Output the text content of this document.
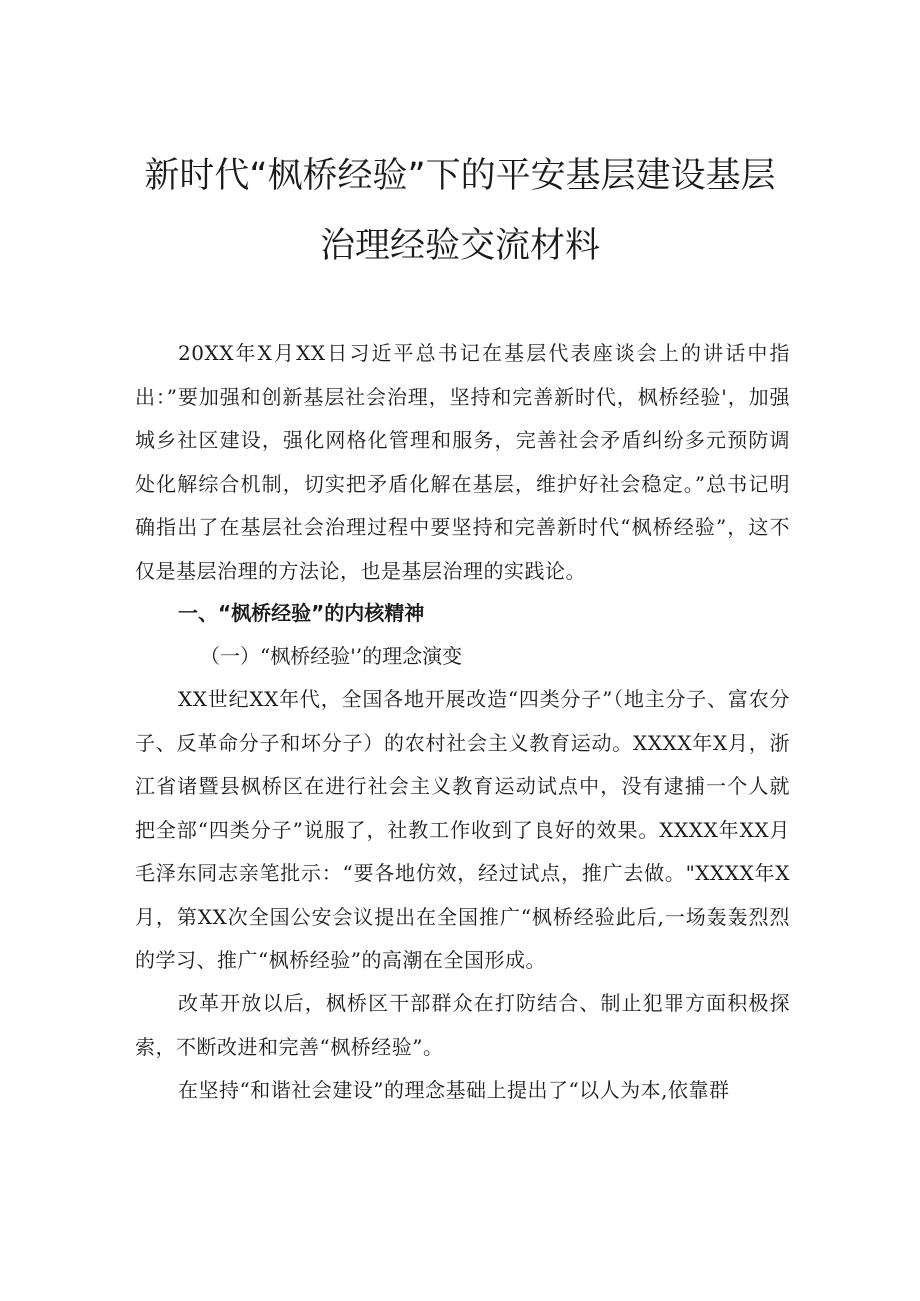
新时代“枫桥经验”下的平安基层建设基层
治理经验交流材料
20XX年X月XX日习近平总书记在基层代表座谈会上的讲话中指出：”要加强和创新基层社会治理，坚持和完善新时代，枫桥经验'，加强城乡社区建设，强化网格化管理和服务，完善社会矛盾纠纷多元预防调处化解综合机制，切实把矛盾化解在基层，维护好社会稳定。”总书记明确指出了在基层社会治理过程中要坚持和完善新时代“枫桥经验”，这不仅是基层治理的方法论，也是基层治理的实践论。
一、“枫桥经验”的内核精神
（一）“枫桥经验'’的理念演变
XX世纪XX年代，全国各地开展改造“四类分子”（地主分子、富农分子、反革命分子和坏分子）的农村社会主义教育运动。XXXX年X月，浙江省诸暨县枫桥区在进行社会主义教育运动试点中，没有逮捕一个人就把全部“四类分子”说服了，社教工作收到了良好的效果。XXXX年XX月毛泽东同志亲笔批示：“要各地仿效，经过试点，推广去做。"XXXX年X月，第XX次全国公安会议提出在全国推广“枫桥经验此后,一场轰轰烈烈的学习、推广“枫桥经验”的高潮在全国形成。
改革开放以后，枫桥区干部群众在打防结合、制止犯罪方面积极探索，不断改进和完善“枫桥经验”。
在坚持“和谐社会建设”的理念基础上提出了“以人为本,依靠群
